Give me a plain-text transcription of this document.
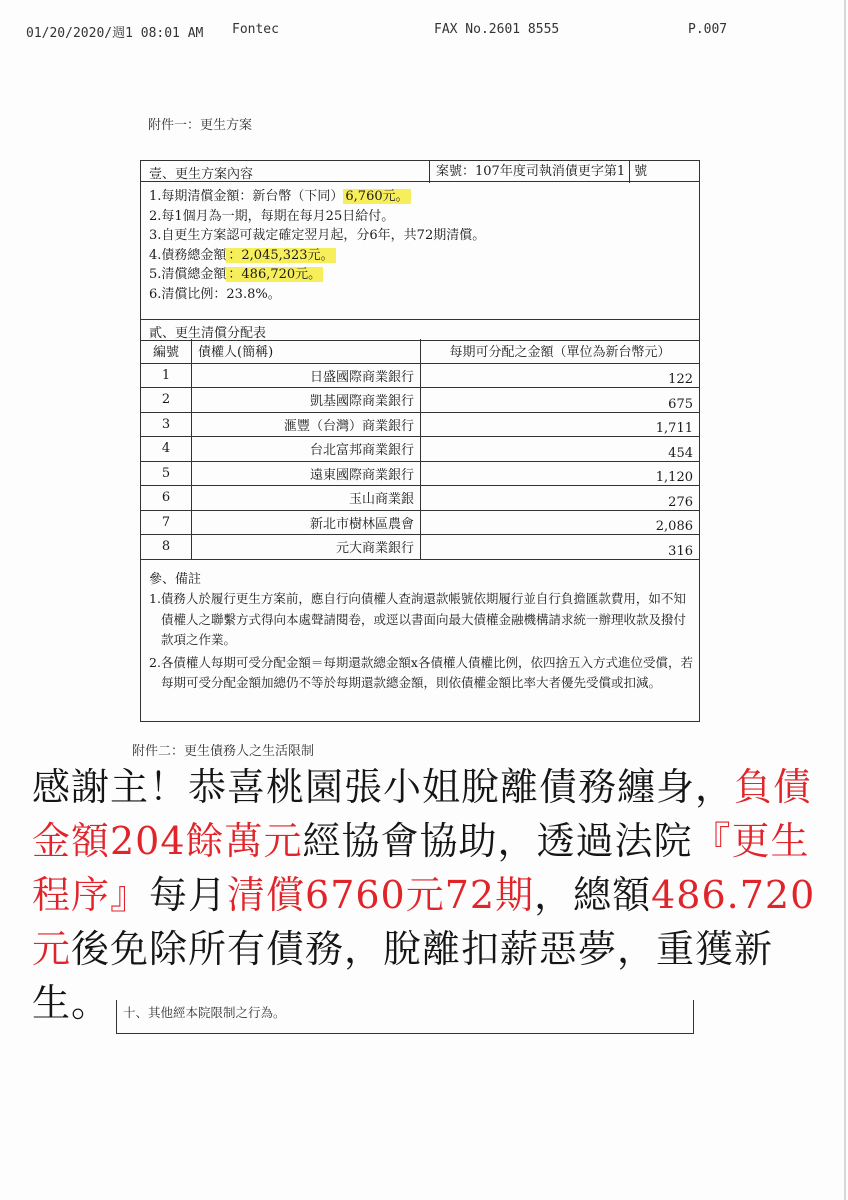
01/20/2020/週1 08:01 AM Fontec	FAX No.2601 8555	P.007
附件一：更生方案
壹、更生方案內容	案號：107年度司執消債更字第1 號
1.每期清償金額：新台幣（下同） 6,760元。
2.每1個月為一期，每期在每月25日給付。
3.自更生方案認可裁定確定翌月起，分6年，共72期清償。
4.債務總金額 ：2,045,323元。
5.清償總金額 ：486,720元。
6.清償比例：23.8%。
貳、更生清償分配表
編號	債權人(簡稱)	每期可分配之金額（單位為新台幣元）
1	日盛國際商業銀行	122
2	凱基國際商業銀行	675
3	滙豐（台灣）商業銀行	1,711
4	台北富邦商業銀行	454
5	遠東國際商業銀行	1,120
6	玉山商業銀	276
7	新北市樹林區農會	2,086
8	元大商業銀行	316
參、備註

1.債務人於履行更生方案前，應自行向債權人查詢還款帳號依期履行並自行負擔匯款費用，如不知債權人之聯繫方式得向本處聲請閱卷，或逕以書面向最大債權金融機構請求統一辦理收款及撥付款項之作業。

2.各債權人每期可受分配金額＝每期還款總金額x各債權人債權比例，依四捨五入方式進位受償，若每期可受分配金額加總仍不等於每期還款總金額，則依債權金額比率大者優先受償或扣減。

附件二：更生債務人之生活限制
感謝主！恭喜桃園張小姐脫離債務纏身，負債金額204餘萬元經協會協助，透過法院『更生程序』每月清償6760元72期，總額486.720元後免除所有債務，脫離扣薪惡夢，重獲新生。	十、其他經本院限制之行為。
